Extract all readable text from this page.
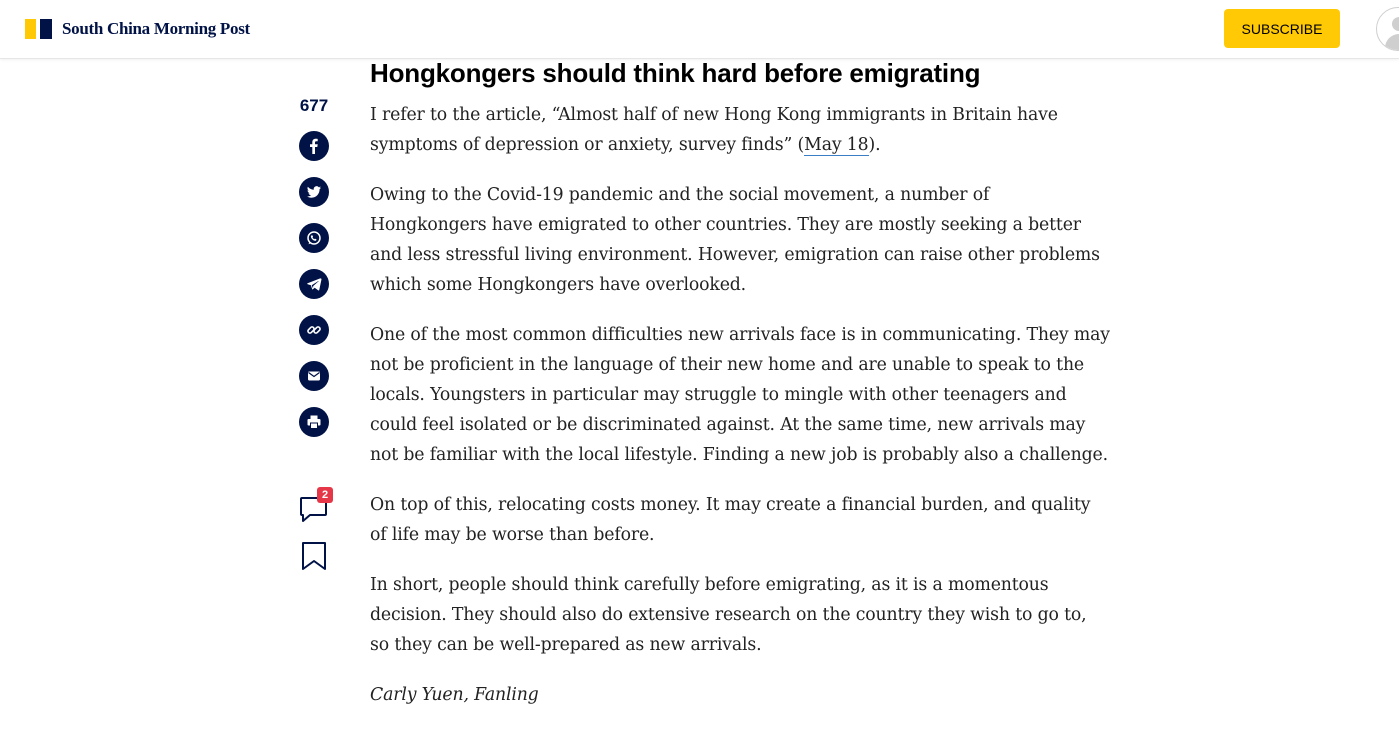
South China Morning Post	SUBSCRIBE
677
2
Hongkongers should think hard before emigrating

I refer to the article, “Almost half of new Hong Kong immigrants in Britain have symptoms of depression or anxiety, survey finds” (May 18).

Owing to the Covid-19 pandemic and the social movement, a number of Hongkongers have emigrated to other countries. They are mostly seeking a better and less stressful living environment. However, emigration can raise other problems which some Hongkongers have overlooked.

One of the most common difficulties new arrivals face is in communicating. They may not be proficient in the language of their new home and are unable to speak to the locals. Youngsters in particular may struggle to mingle with other teenagers and could feel isolated or be discriminated against. At the same time, new arrivals may not be familiar with the local lifestyle. Finding a new job is probably also a challenge.

On top of this, relocating costs money. It may create a financial burden, and quality of life may be worse than before.

In short, people should think carefully before emigrating, as it is a momentous decision. They should also do extensive research on the country they wish to go to, so they can be well-prepared as new arrivals.

Carly Yuen, Fanling
